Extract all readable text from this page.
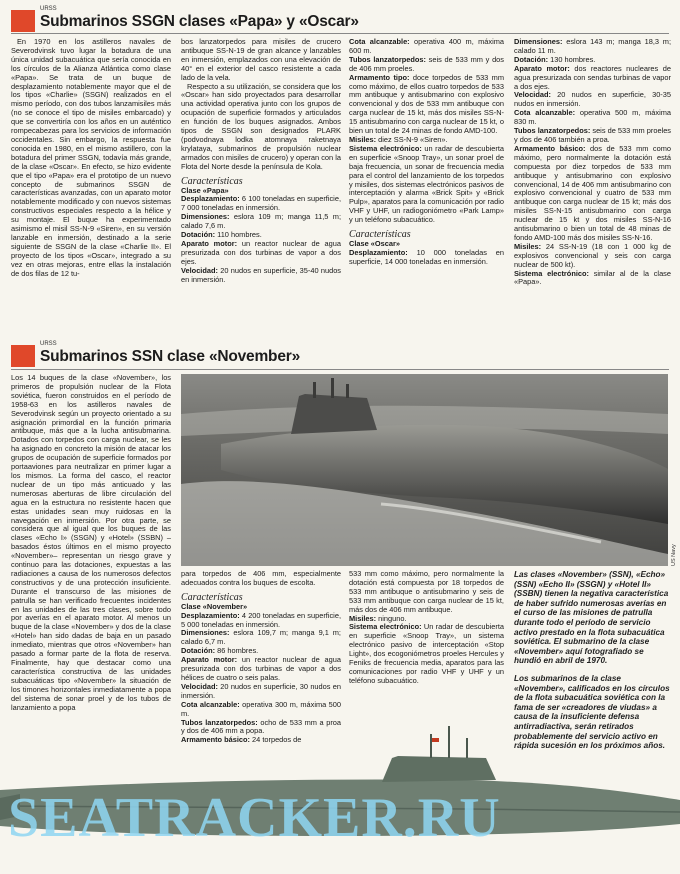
URSS
Submarinos SSGN clases «Papa» y «Oscar»

En 1970 en los astilleros navales de Severodvinsk tuvo lugar la botadura de una única unidad subacuática que sería conocida en los círculos de la Alianza Atlántica como clase «Papa». Se trata de un buque de desplazamiento notablemente mayor que el de los tipos «Charlie» (SSGN) realizados en el mismo período, con dos tubos lanzamisiles más (no se conoce el tipo de misiles embarcado) y que se convertiría con los años en un auténtico rompecabezas para los servicios de información occidentales. Sin embargo, la respuesta fue conocida en 1980, en el mismo astillero, con la botadura del primer SSGN, todavía más grande, de la clase «Oscar». En efecto, se hizo evidente que el tipo «Papa» era el prototipo de un nuevo concepto de submarinos SSGN de características avanzadas, con un aparato motor notablemente modificado y con nuevos sistemas constructivos especiales respecto a la hélice y su montaje. El buque ha experimentado asimismo el misil SS-N-9 «Siren», en su versión lanzable en inmersión, destinado a la serie siguiente de SSGN de la clase «Charlie II». El proyecto de los tipos «Oscar», integrado a su vez en otras mejoras, entre ellas la instalación de dos filas de 12 tu-

bos lanzatorpedos para misiles de crucero antibuque SS-N-19 de gran alcance y lanzables en inmersión, emplazados con una elevación de 40° en el exterior del casco resistente a cada lado de la vela.

Respecto a su utilización, se considera que los «Oscar» han sido proyectados para desarrollar una actividad operativa junto con los grupos de ocupación de superficie formados y articulados en función de los buques asignados. Ambos tipos de SSGN son designados PLARK (podvodnaya lodka atomnaya raketnaya krylataya, submarinos de propulsión nuclear armados con misiles de crucero) y operan con la Flota del Norte desde la península de Kola.

Características
Clase «Papa»
Desplazamiento: 6 100 toneladas en superficie, 7 000 toneladas en inmersión.
Dimensiones: eslora 109 m; manga 11,5 m; calado 7,6 m.
Dotación: 110 hombres.
Aparato motor: un reactor nuclear de agua presurizada con dos turbinas de vapor a dos ejes.
Velocidad: 20 nudos en superficie, 35-40 nudos en inmersión.
Cota alcanzable: operativa 400 m, máxima 600 m.
Tubos lanzatorpedos: seis de 533 mm y dos de 406 mm proeles.
Armamento tipo: doce torpedos de 533 mm como máximo, de ellos cuatro torpedos de 533 mm antibuque y antisubmarino con explosivo convencional y dos de 533 mm antibuque con carga nuclear de 15 kt, más dos misiles SS-N-15 antisubmarino con carga nuclear de 15 kt, o bien un total de 24 minas de fondo AMD-100.
Misiles: diez SS-N-9 «Siren».
Sistema electrónico: un radar de descubierta en superficie «Snoop Tray», un sonar proel de baja frecuencia, un sonar de frecuencia media para el control del lanzamiento de los torpedos y misiles, dos sistemas electrónicos pasivos de interceptación y alarma «Brick Spit» y «Brick Pulp», aparatos para la comunicación por radio VHF y UHF, un radiogoniómetro «Park Lamp» y un teléfono subacuático.
Características
Clase «Oscar»
Desplazamiento: 10 000 toneladas en superficie, 14 000 toneladas en inmersión.
Dimensiones: eslora 143 m; manga 18,3 m; calado 11 m.
Dotación: 130 hombres.
Aparato motor: dos reactores nucleares de agua presurizada con sendas turbinas de vapor a dos ejes.
Velocidad: 20 nudos en superficie, 30-35 nudos en inmersión.
Cota alcanzable: operativa 500 m, máxima 830 m.
Tubos lanzatorpedos: seis de 533 mm proeles y dos de 406 también a proa.
Armamento básico: dos de 533 mm como máximo, pero normalmente la dotación está compuesta por diez torpedos de 533 mm antibuque y antisubmarino con explosivo convencional, 14 de 406 mm antisubmarino con explosivo convencional y cuatro de 533 mm antibuque con carga nuclear de 15 kt; más dos misiles SS-N-15 antisubmarino con carga nuclear de 15 kt y dos misiles SS-N-16 antisubmarino o bien un total de 48 minas de fondo AMD-100 más dos misiles SS-N-16.
Misiles: 24 SS-N-19 (18 con 1 000 kg de explosivos convencional y seis con carga nuclear de 500 kt).
Sistema electrónico: similar al de la clase «Papa».
URSS
Submarinos SSN clase «November»

Los 14 buques de la clase «November», los primeros de propulsión nuclear de la Flota soviética, fueron construidos en el período de 1958-63 en los astilleros navales de Severodvinsk según un proyecto orientado a su asignación primordial en la función primaria antibuque, más que a la lucha antisubmarina. Dotados con torpedos con carga nuclear, se les ha asignado en concreto la misión de atacar los grupos de ocupación de superficie formados por portaaviones para neutralizar en primer lugar a los mismos. La forma del casco, el reactor nuclear de un tipo más anticuado y las numerosas aberturas de libre circulación del agua en la estructura no resistente hacen que estas unidades sean muy ruidosas en la navegación en inmersión. Por otra parte, se considera que al igual que los buques de las clases «Echo I» (SSGN) y «Hotel» (SSBN) –basados éstos últimos en el mismo proyecto «November»– representan un riesgo grave y continuo para las dotaciones, expuestas a las radiaciones a causa de los numerosos defectos constructivos y de una protección insuficiente. Durante el transcurso de las misiones de patrulla se han verificado frecuentes incidentes en las unidades de las tres clases, sobre todo por averías en el aparato motor. Al menos un buque de la clase «November» y dos de la clase «Hotel» han sido dadas de baja en un pasado inmediato, mientras que otros «November» han pasado a formar parte de la flota de reserva. Finalmente, hay que destacar como una característica constructiva de las unidades subacuáticas tipo «November» la situación de los timones horizontales inmediatamente a popa del sistema de sonar proel y de los tubos de lanzamiento a popa

US Navy

para torpedos de 406 mm, especialmente adecuados contra los buques de escolta.

Características
Clase «November»
Desplazamiento: 4 200 toneladas en superficie, 5 000 toneladas en inmersión.
Dimensiones: eslora 109,7 m; manga 9,1 m; calado 6,7 m.
Dotación: 86 hombres.
Aparato motor: un reactor nuclear de agua presurizada con dos turbinas de vapor a dos hélices de cuatro o seis palas.
Velocidad: 20 nudos en superficie, 30 nudos en inmersión.
Cota alcanzable: operativa 300 m, máxima 500 m.
Tubos lanzatorpedos: ocho de 533 mm a proa y dos de 406 mm a popa.
Armamento básico: 24 torpedos de
533 mm como máximo, pero normalmente la dotación está compuesta por 18 torpedos de 533 mm antibuque o antisubmarino y seis de 533 mm antibuque con carga nuclear de 15 kt, más dos de 406 mm antibuque.
Misiles: ninguno.
Sistema electrónico: Un radar de descubierta en superficie «Snoop Tray», un sistema electrónico pasivo de interceptación «Stop Light», dos ecogoniómetros proeles Hercules y Feniks de frecuencia media, aparatos para las comunicaciones por radio VHF y UHF y un teléfono subacuático.
Las clases «November» (SSN), «Echo» (SSN) «Echo II» (SSGN) y «Hotel II» (SSBN) tienen la negativa característica de haber sufrido numerosas averías en el curso de las misiones de patrulla durante todo el período de servicio activo prestado en la flota subacuática soviética. El submarino de la clase «November» aquí fotografiado se hundió en abril de 1970.
Los submarinos de la clase «November», calificados en los círculos de la flota subacuática soviética con la fama de ser «creadores de viudas» a causa de la insuficiente defensa antirradiactiva, serán retirados probablemente del servicio activo en rápida sucesión en los próximos años.
SEATRACKER.RU
